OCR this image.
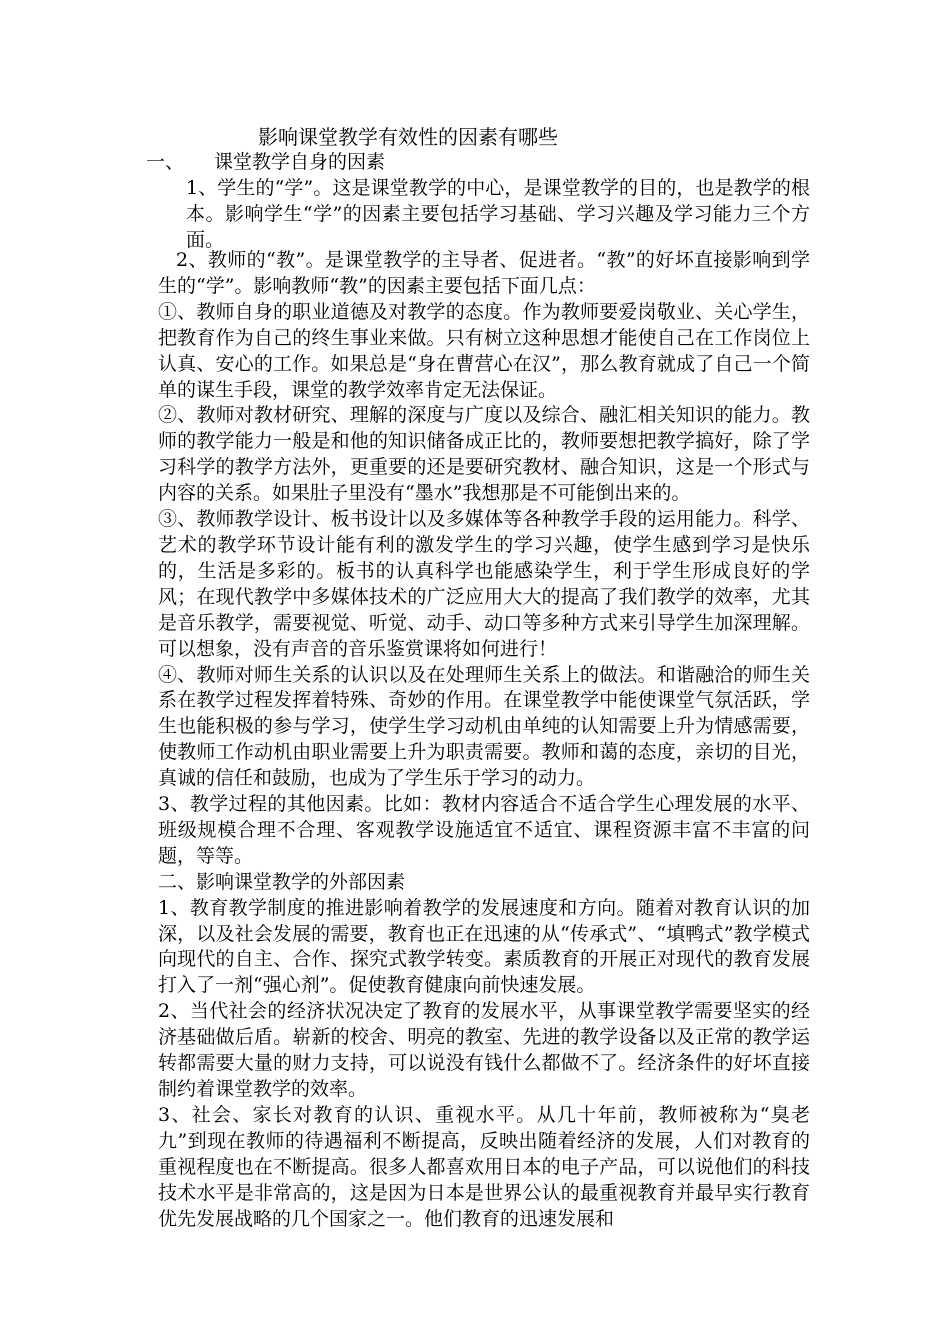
影响课堂教学有效性的因素有哪些
一、 课堂教学自身的因素
1、学生的“学”。这是课堂教学的中心，是课堂教学的目的，也是教学的根本。影响学生“学”的因素主要包括学习基础、学习兴趣及学习能力三个方面。

2、教师的“教”。是课堂教学的主导者、促进者。“教”的好坏直接影响到学生的“学”。影响教师“教”的因素主要包括下面几点：

①、教师自身的职业道德及对教学的态度。作为教师要爱岗敬业、关心学生，把教育作为自己的终生事业来做。只有树立这种思想才能使自己在工作岗位上认真、安心的工作。如果总是“身在曹营心在汉”，那么教育就成了自己一个简单的谋生手段，课堂的教学效率肯定无法保证。

②、教师对教材研究、理解的深度与广度以及综合、融汇相关知识的能力。教师的教学能力一般是和他的知识储备成正比的，教师要想把教学搞好，除了学习科学的教学方法外，更重要的还是要研究教材、融合知识，这是一个形式与内容的关系。如果肚子里没有“墨水”我想那是不可能倒出来的。

③、教师教学设计、板书设计以及多媒体等各种教学手段的运用能力。科学、艺术的教学环节设计能有利的激发学生的学习兴趣，使学生感到学习是快乐的，生活是多彩的。板书的认真科学也能感染学生，利于学生形成良好的学风；在现代教学中多媒体技术的广泛应用大大的提高了我们教学的效率，尤其是音乐教学，需要视觉、听觉、动手、动口等多种方式来引导学生加深理解。可以想象，没有声音的音乐鉴赏课将如何进行！

④、教师对师生关系的认识以及在处理师生关系上的做法。和谐融洽的师生关系在教学过程发挥着特殊、奇妙的作用。在课堂教学中能使课堂气氛活跃，学生也能积极的参与学习，使学生学习动机由单纯的认知需要上升为情感需要，使教师工作动机由职业需要上升为职责需要。教师和蔼的态度，亲切的目光，真诚的信任和鼓励，也成为了学生乐于学习的动力。

3、教学过程的其他因素。比如：教材内容适合不适合学生心理发展的水平、班级规模合理不合理、客观教学设施适宜不适宜、课程资源丰富不丰富的问题，等等。

二、影响课堂教学的外部因素

1、教育教学制度的推进影响着教学的发展速度和方向。随着对教育认识的加深，以及社会发展的需要，教育也正在迅速的从“传承式”、“填鸭式”教学模式向现代的自主、合作、探究式教学转变。素质教育的开展正对现代的教育发展打入了一剂“强心剂”。促使教育健康向前快速发展。

2、当代社会的经济状况决定了教育的发展水平，从事课堂教学需要坚实的经济基础做后盾。崭新的校舍、明亮的教室、先进的教学设备以及正常的教学运转都需要大量的财力支持，可以说没有钱什么都做不了。经济条件的好坏直接制约着课堂教学的效率。

3、社会、家长对教育的认识、重视水平。从几十年前，教师被称为“臭老九”到现在教师的待遇福利不断提高，反映出随着经济的发展，人们对教育的重视程度也在不断提高。很多人都喜欢用日本的电子产品，可以说他们的科技技术水平是非常高的，这是因为日本是世界公认的最重视教育并最早实行教育优先发展战略的几个国家之一。他们教育的迅速发展和
